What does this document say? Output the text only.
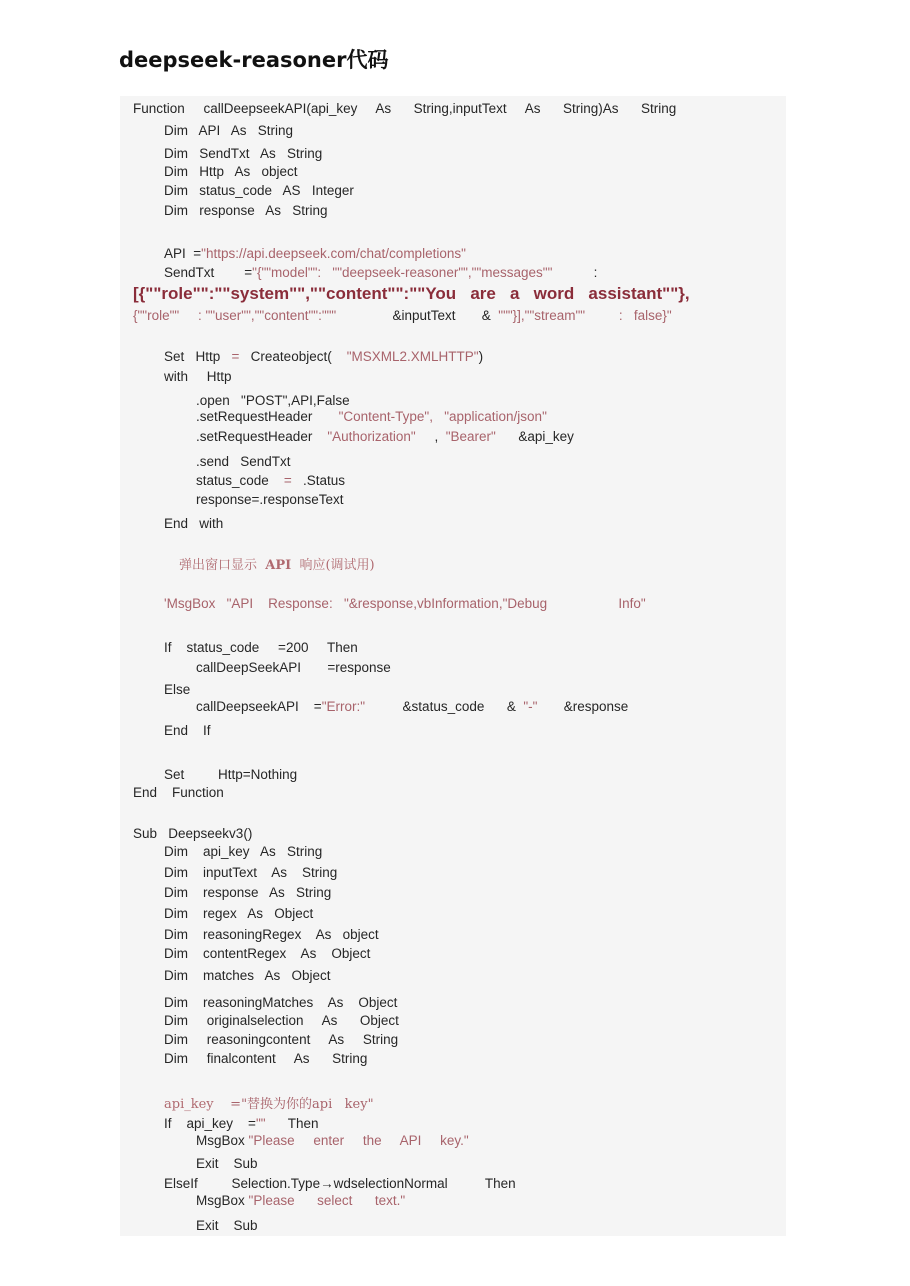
deepseek-reasoner代码
Function     callDeepseekAPI(api_key     As      String,inputText     As      String)As      String
Dim   API   As   String
Dim   SendTxt   As   String
Dim   Http   As   object
Dim   status_code   AS   Integer
Dim   response   As   String
API  ="https://api.deepseek.com/chat/completions"
SendTxt        ="{""model"":   ""deepseek-reasoner"",""messages""           :
[{""role"":""system"",""content"":""You   are   a   word   assistant""},
{""role""     : ""user"",""content"":"""               &inputText       &  """}],""stream""         :   false}"
Set   Http   =   Createobject(    "MSXML2.XMLHTTP")
with     Http
.open   "POST",API,False
.setRequestHeader       "Content-Type",   "application/json"
.setRequestHeader    "Authorization"     ,  "Bearer"      &api_key
.send   SendTxt
status_code    =   .Status
response=.responseText
End   with
弹出窗口显示  API  响应(调试用)
'MsgBox   "API    Response:   "&response,vbInformation,"Debug                   Info"
If    status_code     =200     Then
callDeepSeekAPI       =response
Else
callDeepseekAPI    ="Error:"          &status_code      &  "-"       &response
End    If
Set         Http=Nothing
End    Function
Sub   Deepseekv3()
Dim    api_key   As   String
Dim    inputText    As    String
Dim    response   As   String
Dim    regex   As   Object
Dim    reasoningRegex    As   object
Dim    contentRegex    As    Object
Dim    matches   As   Object
Dim    reasoningMatches    As    Object
Dim     originalselection     As      Object
Dim     reasoningcontent     As     String
Dim     finalcontent     As      String
api_key    ="替换为你的api   key"
If    api_key    =""      Then
MsgBox "Please     enter     the     API     key."
Exit    Sub
ElseIf         Selection.Type→wdselectionNormal          Then
MsgBox "Please      select      text."
Exit    Sub
